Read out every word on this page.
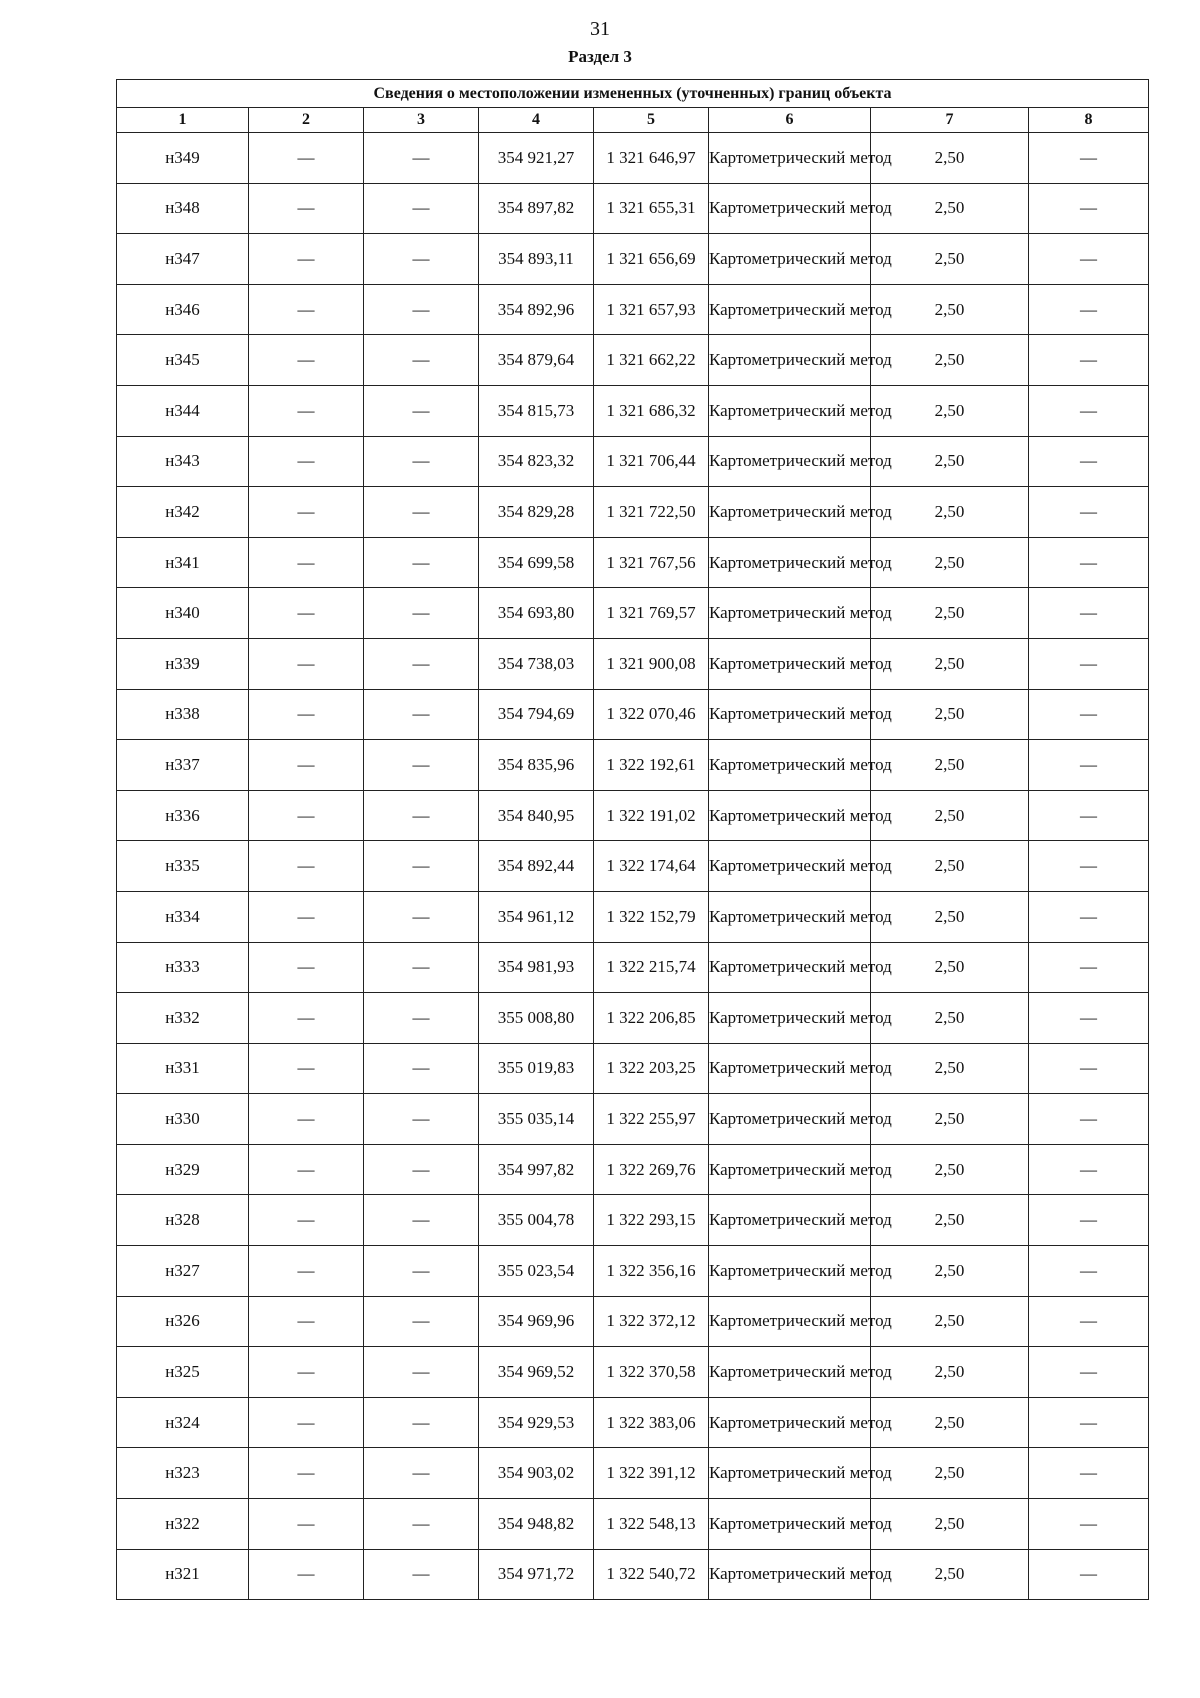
31
Раздел 3
Сведения о местоположении измененных (уточненных) границ объекта							
1	2	3	4	5	6	7	8
н349	—	—	354 921,27	1 321 646,97	Картометрический метод	2,50	—
н348	—	—	354 897,82	1 321 655,31	Картометрический метод	2,50	—
н347	—	—	354 893,11	1 321 656,69	Картометрический метод	2,50	—
н346	—	—	354 892,96	1 321 657,93	Картометрический метод	2,50	—
н345	—	—	354 879,64	1 321 662,22	Картометрический метод	2,50	—
н344	—	—	354 815,73	1 321 686,32	Картометрический метод	2,50	—
н343	—	—	354 823,32	1 321 706,44	Картометрический метод	2,50	—
н342	—	—	354 829,28	1 321 722,50	Картометрический метод	2,50	—
н341	—	—	354 699,58	1 321 767,56	Картометрический метод	2,50	—
н340	—	—	354 693,80	1 321 769,57	Картометрический метод	2,50	—
н339	—	—	354 738,03	1 321 900,08	Картометрический метод	2,50	—
н338	—	—	354 794,69	1 322 070,46	Картометрический метод	2,50	—
н337	—	—	354 835,96	1 322 192,61	Картометрический метод	2,50	—
н336	—	—	354 840,95	1 322 191,02	Картометрический метод	2,50	—
н335	—	—	354 892,44	1 322 174,64	Картометрический метод	2,50	—
н334	—	—	354 961,12	1 322 152,79	Картометрический метод	2,50	—
н333	—	—	354 981,93	1 322 215,74	Картометрический метод	2,50	—
н332	—	—	355 008,80	1 322 206,85	Картометрический метод	2,50	—
н331	—	—	355 019,83	1 322 203,25	Картометрический метод	2,50	—
н330	—	—	355 035,14	1 322 255,97	Картометрический метод	2,50	—
н329	—	—	354 997,82	1 322 269,76	Картометрический метод	2,50	—
н328	—	—	355 004,78	1 322 293,15	Картометрический метод	2,50	—
н327	—	—	355 023,54	1 322 356,16	Картометрический метод	2,50	—
н326	—	—	354 969,96	1 322 372,12	Картометрический метод	2,50	—
н325	—	—	354 969,52	1 322 370,58	Картометрический метод	2,50	—
н324	—	—	354 929,53	1 322 383,06	Картометрический метод	2,50	—
н323	—	—	354 903,02	1 322 391,12	Картометрический метод	2,50	—
н322	—	—	354 948,82	1 322 548,13	Картометрический метод	2,50	—
н321	—	—	354 971,72	1 322 540,72	Картометрический метод	2,50	—
